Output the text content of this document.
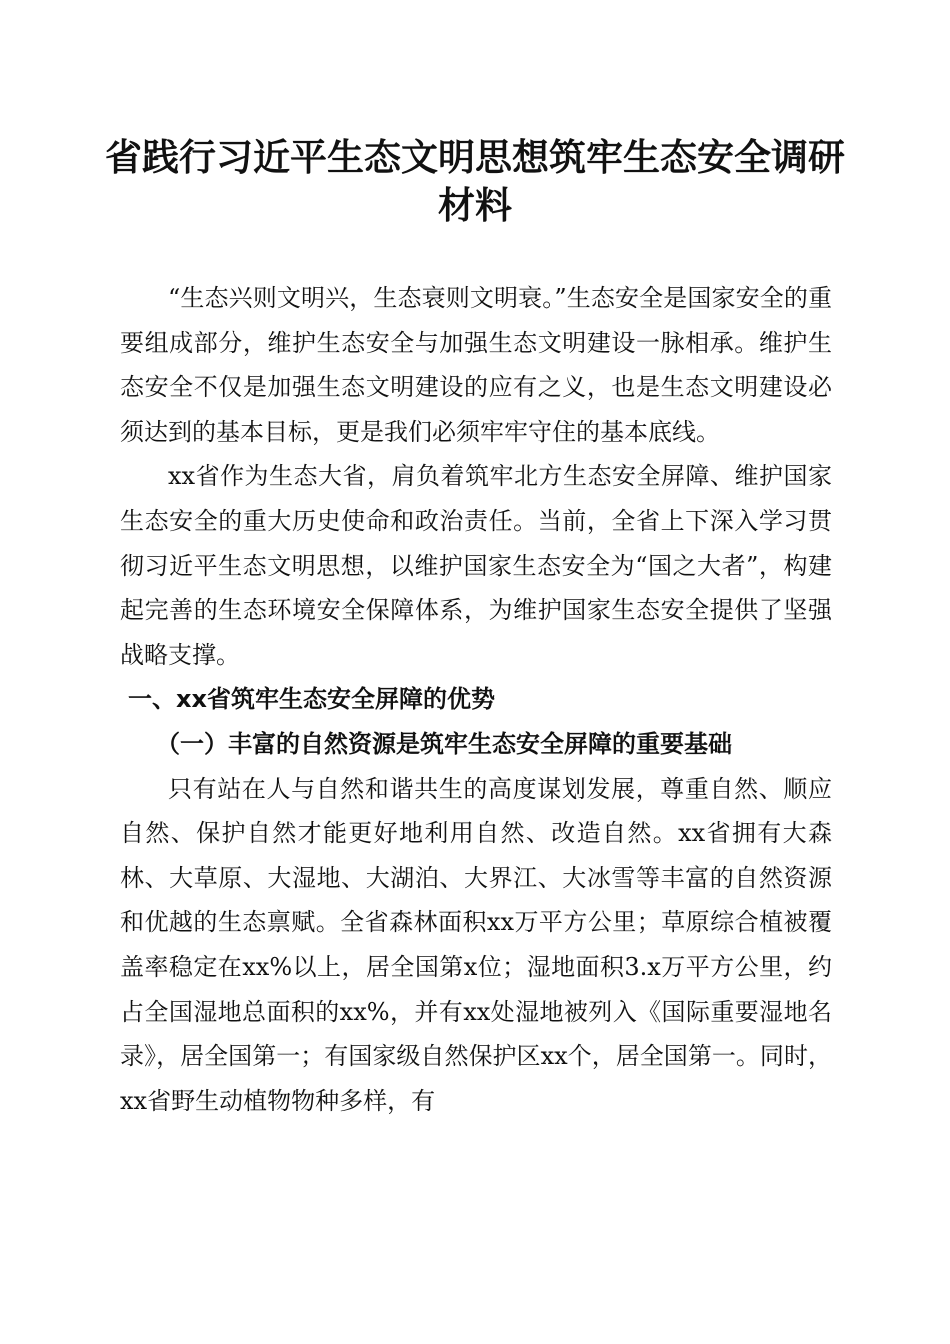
省践行习近平生态文明思想筑牢生态安全调研
材料

“生态兴则文明兴，生态衰则文明衰。”生态安全是国家安全的重要组成部分，维护生态安全与加强生态文明建设一脉相承。维护生态安全不仅是加强生态文明建设的应有之义，也是生态文明建设必须达到的基本目标，更是我们必须牢牢守住的基本底线。

xx省作为生态大省，肩负着筑牢北方生态安全屏障、维护国家生态安全的重大历史使命和政治责任。当前，全省上下深入学习贯彻习近平生态文明思想，以维护国家生态安全为“国之大者”，构建起完善的生态环境安全保障体系，为维护国家生态安全提供了坚强战略支撑。

一、xx省筑牢生态安全屏障的优势
（一）丰富的自然资源是筑牢生态安全屏障的重要基础

只有站在人与自然和谐共生的高度谋划发展，尊重自然、顺应自然、保护自然才能更好地利用自然、改造自然。xx省拥有大森林、大草原、大湿地、大湖泊、大界江、大冰雪等丰富的自然资源和优越的生态禀赋。全省森林面积xx万平方公里；草原综合植被覆盖率稳定在xx%以上，居全国第x位；湿地面积3.x万平方公里，约占全国湿地总面积的xx%，并有xx处湿地被列入《国际重要湿地名录》，居全国第一；有国家级自然保护区xx个，居全国第一。同时，xx省野生动植物物种多样，有
